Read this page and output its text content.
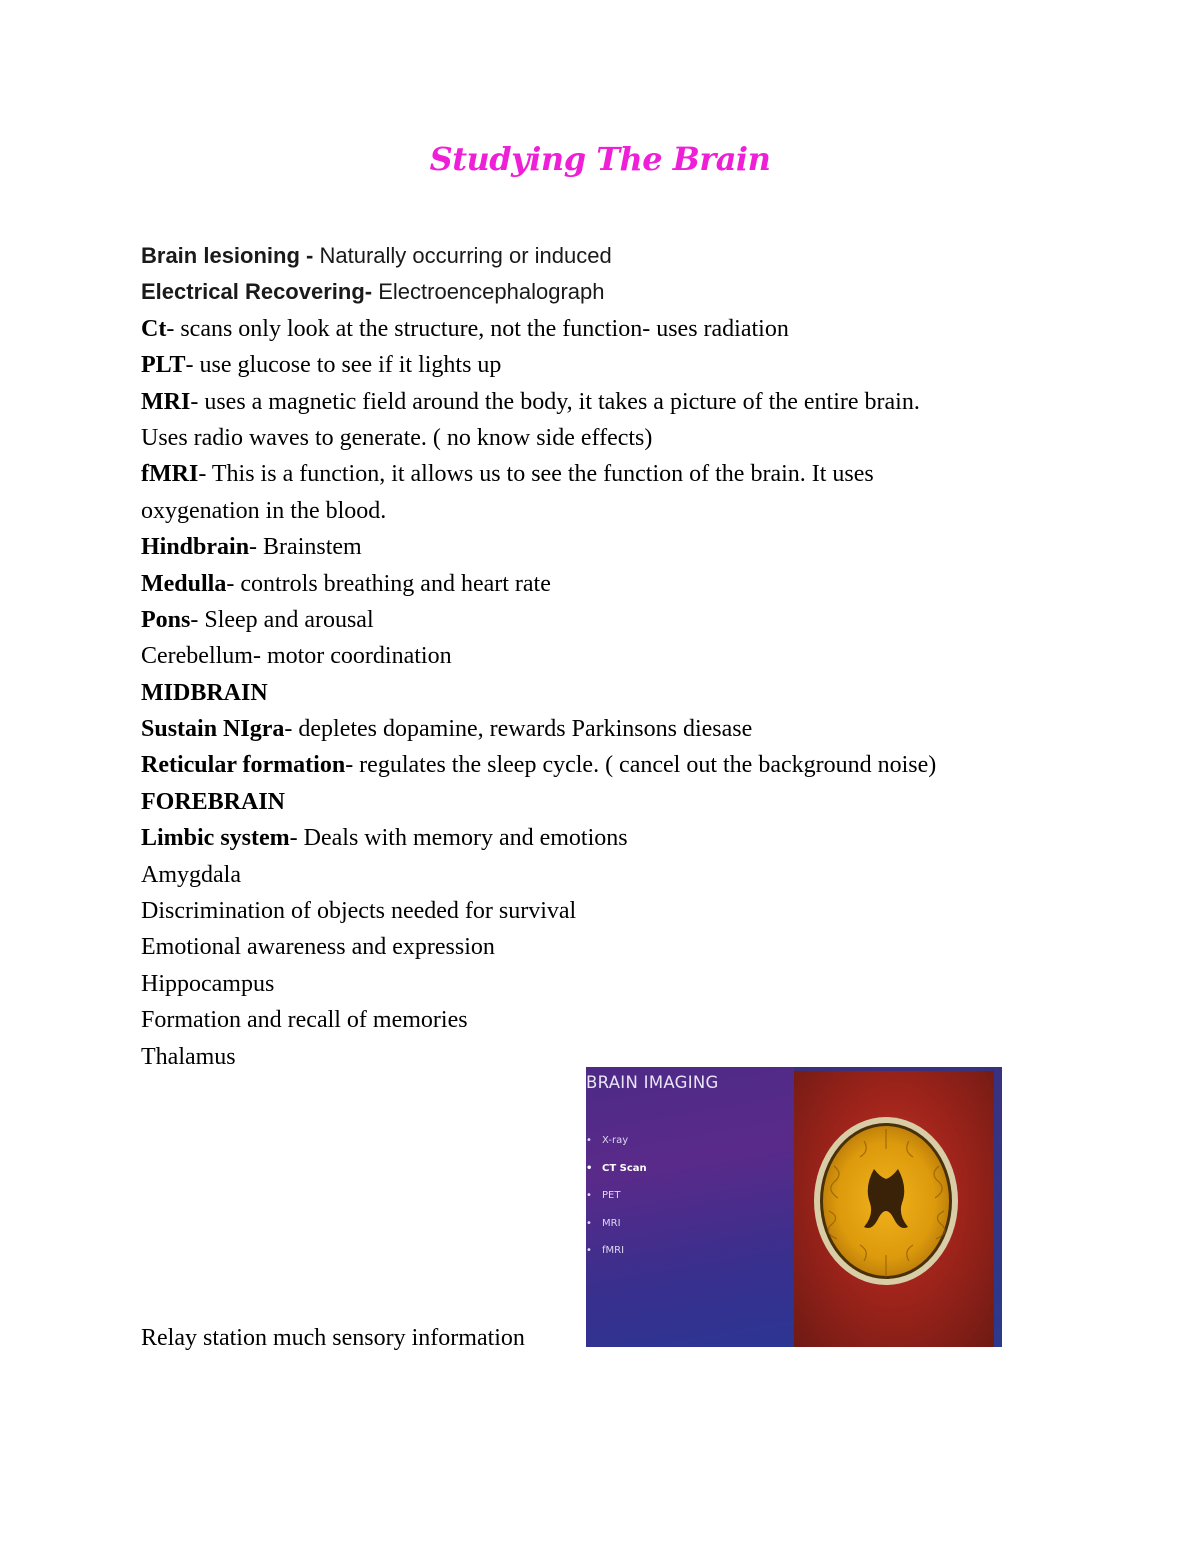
Studying The Brain
Brain lesioning - Naturally occurring or induced
Electrical Recovering- Electroencephalograph
Ct- scans only look at the structure, not the function- uses radiation
PLT- use glucose to see if it lights up
MRI- uses a magnetic field around the body, it takes a picture of the entire brain.
Uses radio waves to generate. ( no know side effects)
fMRI- This is a function, it allows us to see the function of the brain. It uses
oxygenation in the blood.
Hindbrain- Brainstem
Medulla- controls breathing and heart rate
Pons- Sleep and arousal
Cerebellum- motor coordination
MIDBRAIN
Sustain NIgra- depletes dopamine, rewards Parkinsons diesase
Reticular formation- regulates the sleep cycle. ( cancel out the background noise)
FOREBRAIN
Limbic system- Deals with memory and emotions
Amygdala
Discrimination of objects needed for survival
Emotional awareness and expression
Hippocampus
Formation and recall of memories
Thalamus
Relay station much sensory information
BRAIN IMAGING
• X-ray
• CT Scan
• PET
• MRI
• fMRI
